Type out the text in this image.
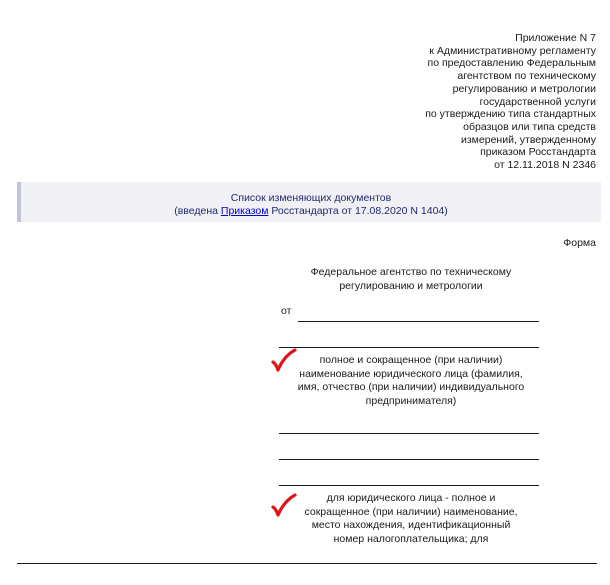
Приложение N 7
к Административному регламенту
по предоставлению Федеральным
агентством по техническому
регулированию и метрологии
государственной услуги
по утверждению типа стандартных
образцов или типа средств
измерений, утвержденному
приказом Росстандарта
от 12.11.2018 N 2346
Список изменяющих документов
(введена Приказом Росстандарта от 17.08.2020 N 1404)
Форма
Федеральное агентство по техническому
регулированию и метрологии
от
полное и сокращенное (при наличии)
наименование юридического лица (фамилия,
имя, отчество (при наличии) индивидуального
предпринимателя)
для юридического лица - полное и
сокращенное (при наличии) наименование,
место нахождения, идентификационный
номер налогоплательщика; для
